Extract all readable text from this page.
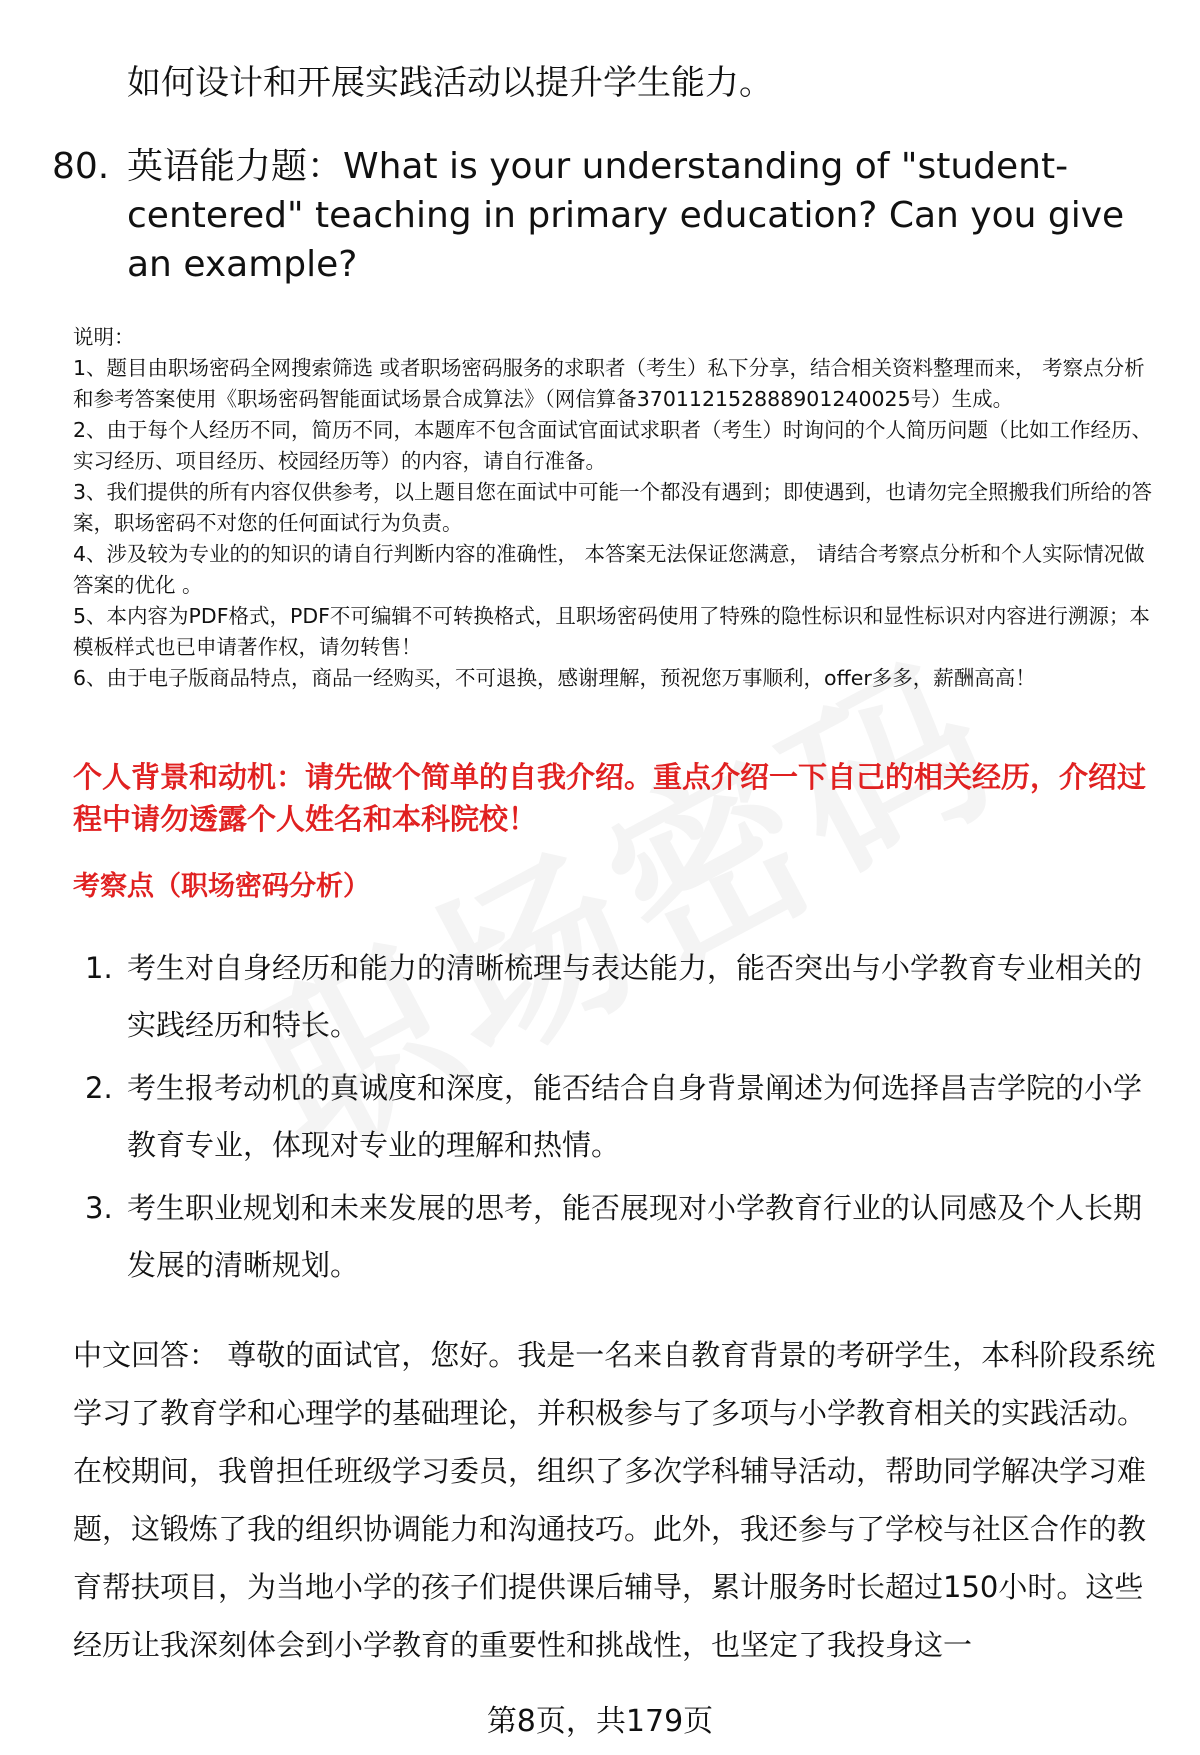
如何设计和开展实践活动以提升学生能力。
80. 英语能力题：What is your understanding of "student-centered" teaching in primary education? Can you give an example?

说明：

1、题目由职场密码全网搜索筛选 或者职场密码服务的求职者（考生）私下分享，结合相关资料整理而来， 考察点分析和参考答案使用《职场密码智能面试场景合成算法》（网信算备370112152888901240025号）生成。

2、由于每个人经历不同，简历不同，本题库不包含面试官面试求职者（考生）时询问的个人简历问题（比如工作经历、实习经历、项目经历、校园经历等）的内容，请自行准备。

3、我们提供的所有内容仅供参考，以上题目您在面试中可能一个都没有遇到；即使遇到，也请勿完全照搬我们所给的答案，职场密码不对您的任何面试行为负责。

4、涉及较为专业的的知识的请自行判断内容的准确性， 本答案无法保证您满意， 请结合考察点分析和个人实际情况做答案的优化 。

5、本内容为PDF格式，PDF不可编辑不可转换格式，且职场密码使用了特殊的隐性标识和显性标识对内容进行溯源；本模板样式也已申请著作权，请勿转售！

6、由于电子版商品特点，商品一经购买，不可退换，感谢理解，预祝您万事顺利，offer多多，薪酬高高！

个人背景和动机：请先做个简单的自我介绍。重点介绍一下自己的相关经历，介绍过程中请勿透露个人姓名和本科院校！
考察点（职场密码分析）
1. 考生对自身经历和能力的清晰梳理与表达能力，能否突出与小学教育专业相关的实践经历和特长。
2. 考生报考动机的真诚度和深度，能否结合自身背景阐述为何选择昌吉学院的小学教育专业，体现对专业的理解和热情。
3. 考生职业规划和未来发展的思考，能否展现对小学教育行业的认同感及个人长期发展的清晰规划。
中文回答： 尊敬的面试官，您好。我是一名来自教育背景的考研学生，本科阶段系统学习了教育学和心理学的基础理论，并积极参与了多项与小学教育相关的实践活动。在校期间，我曾担任班级学习委员，组织了多次学科辅导活动，帮助同学解决学习难题，这锻炼了我的组织协调能力和沟通技巧。此外，我还参与了学校与社区合作的教育帮扶项目，为当地小学的孩子们提供课后辅导，累计服务时长超过150小时。这些经历让我深刻体会到小学教育的重要性和挑战性，也坚定了我投身这一
第8页，共179页
